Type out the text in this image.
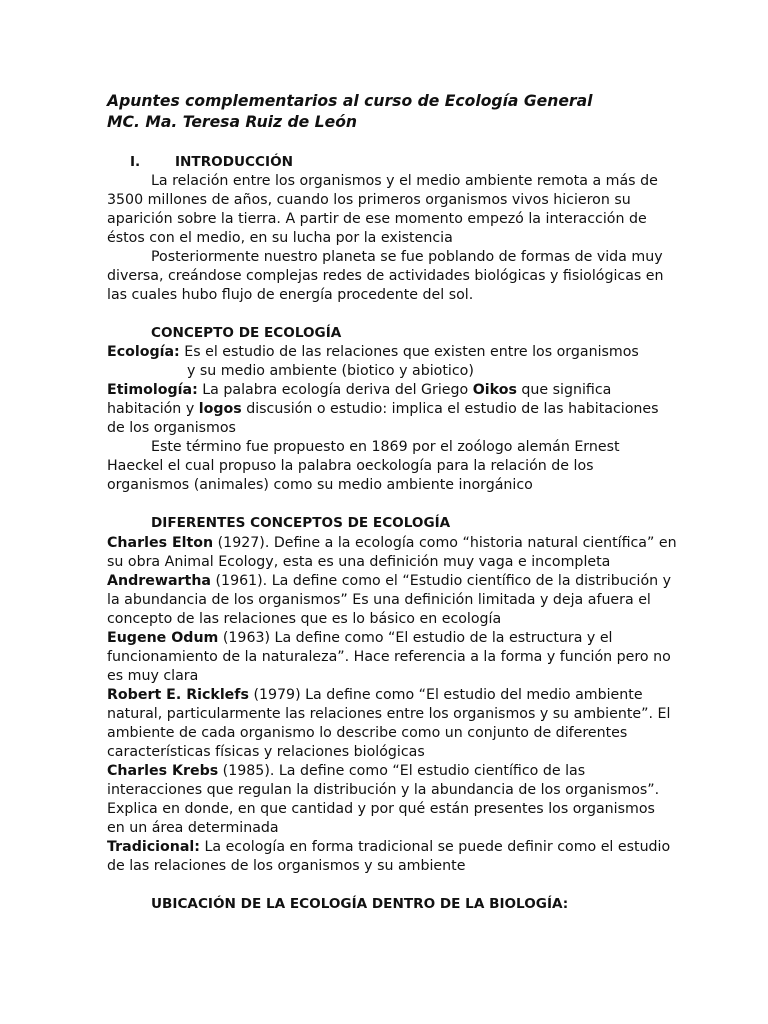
Apuntes complementarios al curso de Ecología General
MC. Ma. Teresa Ruiz de León
I.	INTRODUCCIÓN
La relación entre los organismos y el medio ambiente remota a más de
3500 millones de años, cuando los primeros organismos vivos hicieron su
aparición sobre la tierra. A partir de ese momento empezó la interacción de
éstos con el medio, en su lucha por la existencia
Posteriormente nuestro planeta se fue poblando de formas de vida muy
diversa, creándose complejas redes de actividades biológicas y fisiológicas en
las cuales hubo flujo de energía procedente del sol.
CONCEPTO DE ECOLOGÍA
Ecología: Es el estudio de las relaciones que existen entre los organismos
y su medio ambiente (biotico y abiotico)
Etimología: La palabra ecología deriva del Griego Oikos que significa
habitación y logos discusión o estudio: implica el estudio de las habitaciones
de los organismos
Este término fue propuesto en 1869 por el zoólogo alemán Ernest
Haeckel el cual propuso la palabra oeckología para la relación de los
organismos (animales) como su medio ambiente inorgánico
DIFERENTES CONCEPTOS DE ECOLOGÍA
Charles Elton (1927). Define a la ecología como “historia natural científica” en
su obra Animal Ecology, esta es una definición muy vaga e incompleta
Andrewartha (1961). La define como el “Estudio científico de la distribución y
la abundancia de los organismos” Es una definición limitada y deja afuera el
concepto de las relaciones que es lo básico en ecología
Eugene Odum (1963) La define como “El estudio de la estructura y el
funcionamiento de la naturaleza”. Hace referencia a la forma y función pero no
es muy clara
Robert E. Ricklefs (1979) La define como “El estudio del medio ambiente
natural, particularmente las relaciones entre los organismos y su ambiente”. El
ambiente de cada organismo lo describe como un conjunto de diferentes
características físicas y relaciones biológicas
Charles Krebs (1985). La define como “El estudio científico de las
interacciones que regulan la distribución y la abundancia de los organismos”.
Explica en donde, en que cantidad y por qué están presentes los organismos
en un área determinada
Tradicional: La ecología en forma tradicional se puede definir como el estudio
de las relaciones de los organismos y su ambiente
UBICACIÓN DE LA ECOLOGÍA DENTRO DE LA BIOLOGÍA:
